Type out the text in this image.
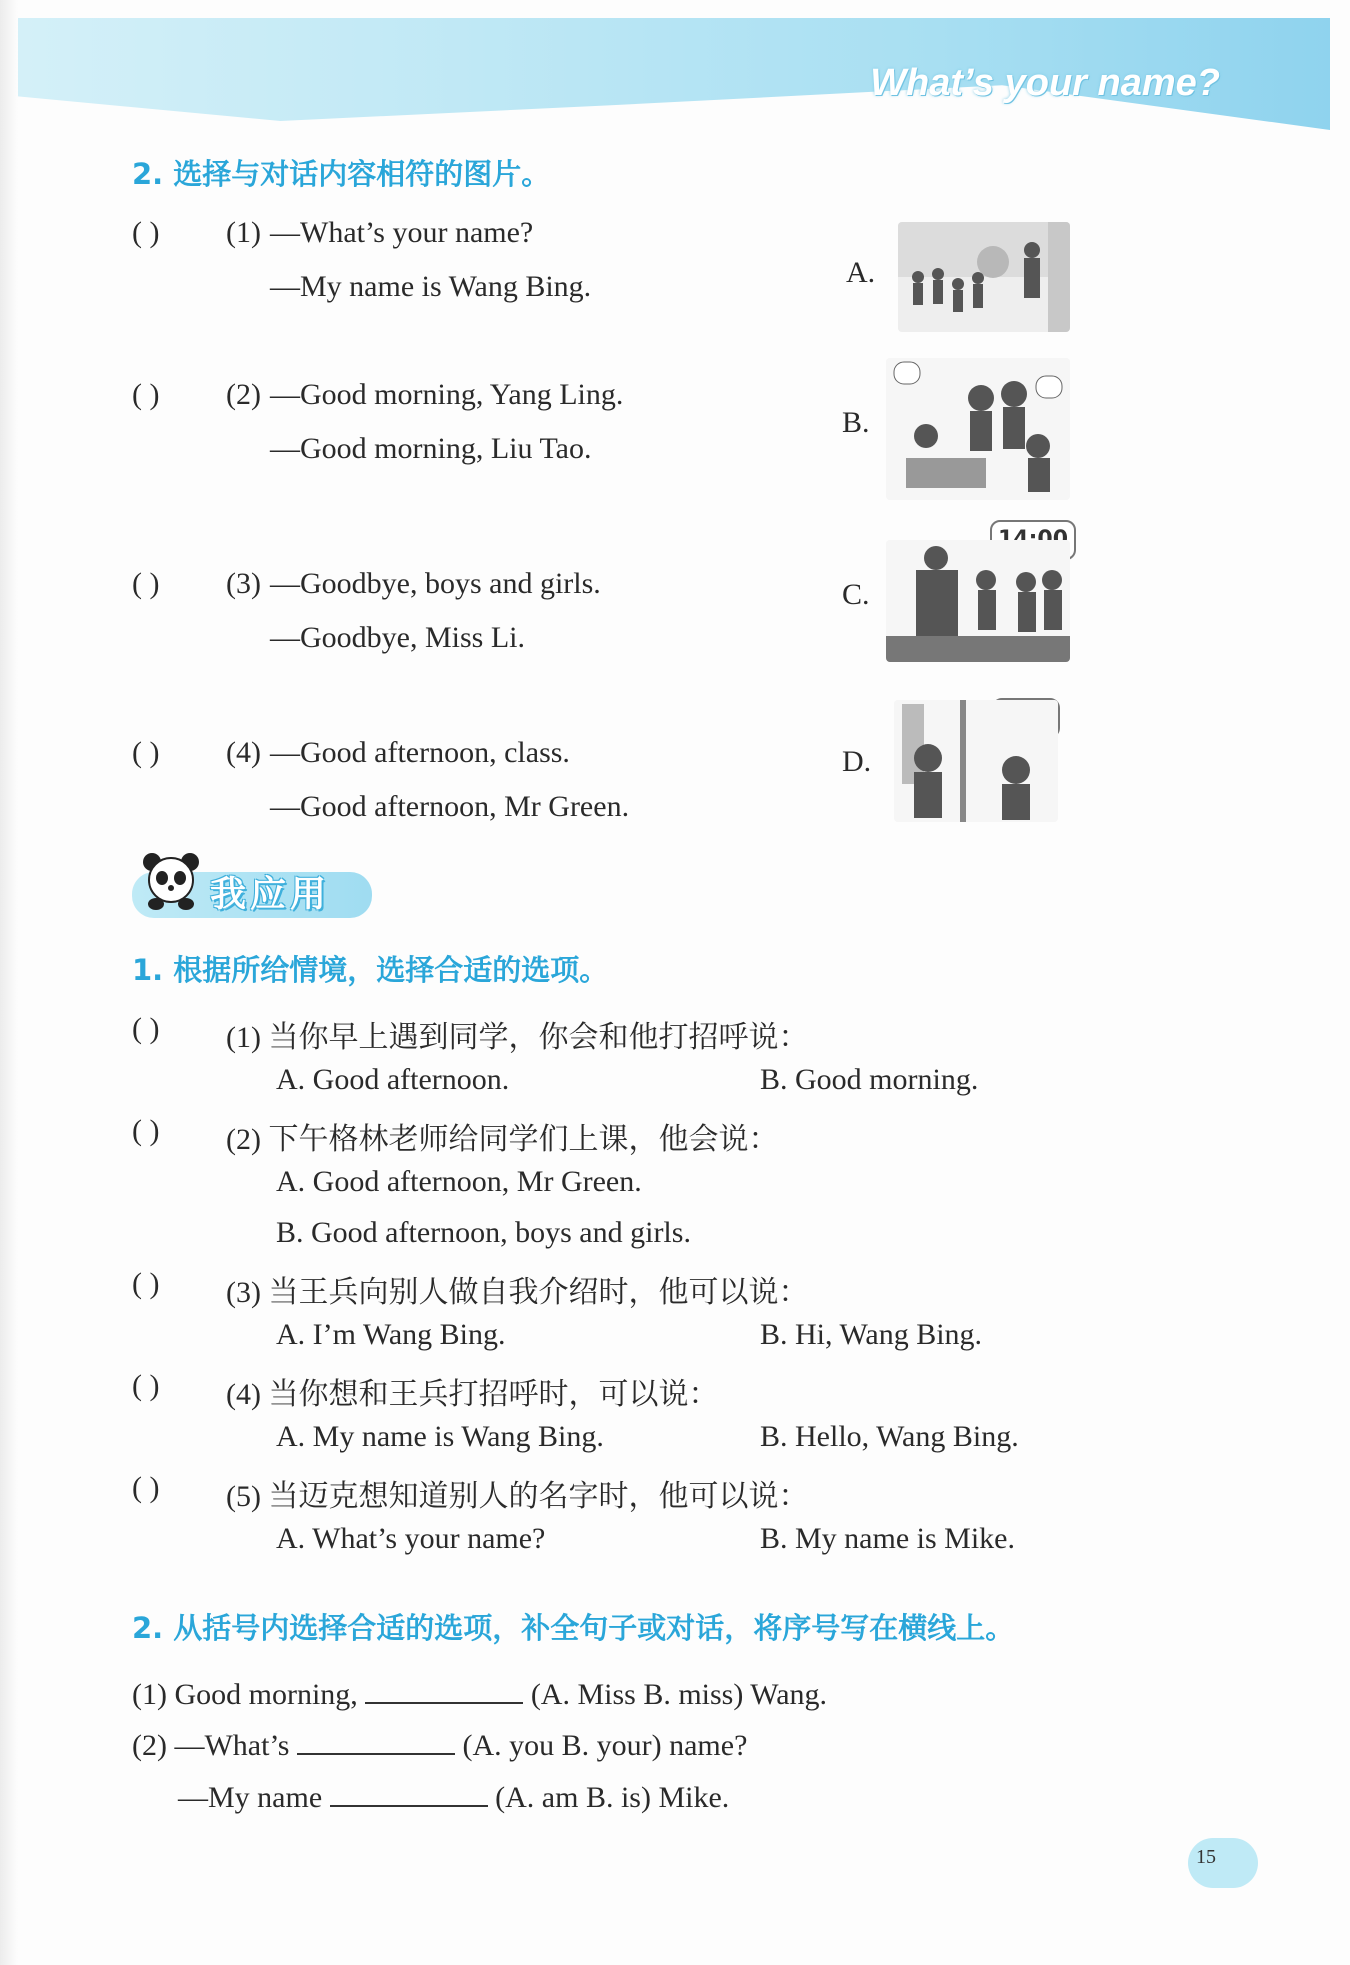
What’s your name?
2. 选择与对话内容相符的图片。
( ) (1) —What’s your name?
—My name is Wang Bing.
( ) (2) —Good morning, Yang Ling.
—Good morning, Liu Tao.
( ) (3) —Goodbye, boys and girls.
—Goodbye, Miss Li.
( ) (4) —Good afternoon, class.
—Good afternoon, Mr Green.
A.
B.
C.
D.
我应用
1. 根据所给情境，选择合适的选项。
( ) (1) 当你早上遇到同学，你会和他打招呼说：
A. Good afternoon.	B. Good morning.
( ) (2) 下午格林老师给同学们上课，他会说：
A. Good afternoon, Mr Green.
B. Good afternoon, boys and girls.
( ) (3) 当王兵向别人做自我介绍时，他可以说：
A. I’m Wang Bing.	B. Hi, Wang Bing.
( ) (4) 当你想和王兵打招呼时，可以说：
A. My name is Wang Bing.	B. Hello, Wang Bing.
( ) (5) 当迈克想知道别人的名字时，他可以说：
A. What’s your name?	B. My name is Mike.
2. 从括号内选择合适的选项，补全句子或对话，将序号写在横线上。
(1) Good morning,	(A. Miss B. miss) Wang.
(2) —What’s	(A. you B. your) name?
—My name	(A. am B. is) Mike.
15
